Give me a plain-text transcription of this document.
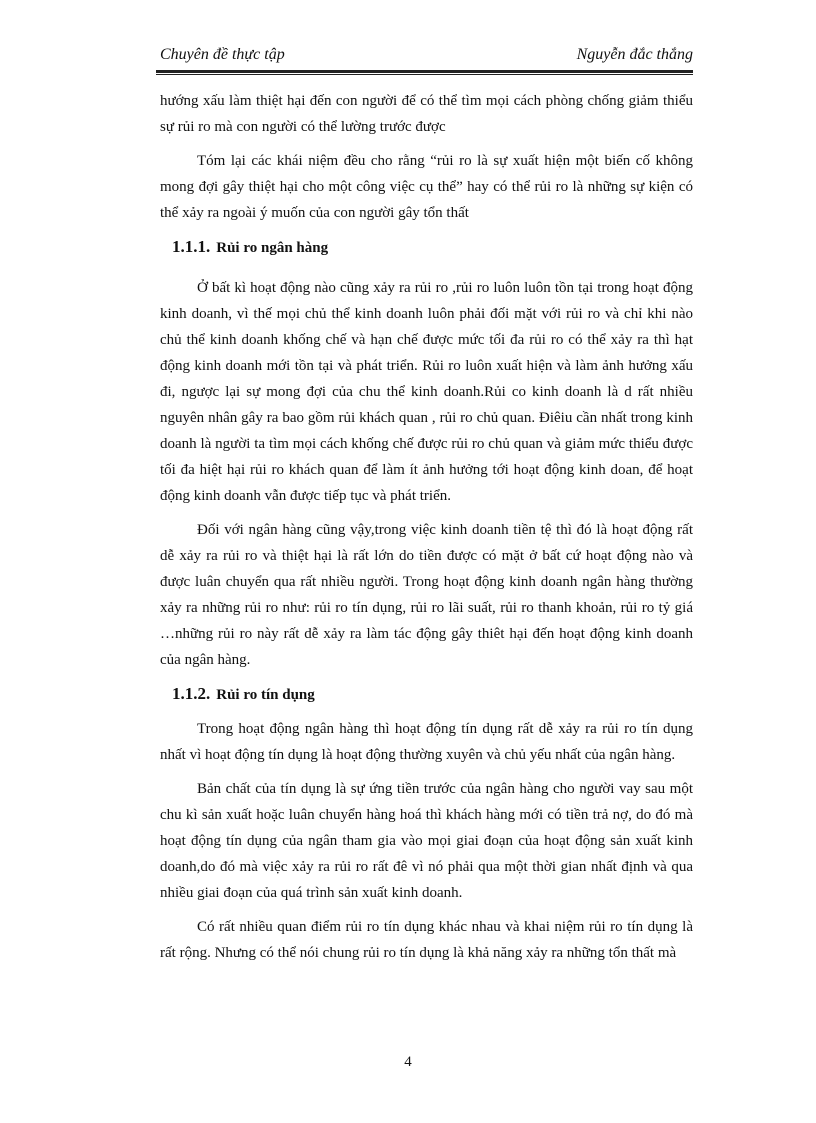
Chuyên đề thực tập	Nguyễn đắc thắng

hướng xấu làm thiệt hại đến con người để có thể tìm mọi cách phòng chống giảm thiểu sự rủi ro mà con người có thể lường trước được

Tóm lại các khái niệm đều cho rằng “rủi ro là sự xuất hiện một biến cố không mong đợi gây thiệt hại cho một công việc cụ thể” hay có thể rủi ro là những sự kiện có thể xảy ra ngoài ý muốn của con người gây tổn thất

1.1.1. Rủi ro ngân hàng

Ở bất kì hoạt động nào cũng xảy ra rủi ro ,rủi ro luôn luôn tồn tại trong hoạt động kinh doanh, vì thế mọi chủ thể kinh doanh luôn phải đối mặt với rủi ro và chỉ khi nào chủ thể kinh doanh khống chế và hạn chế được mức tối đa rủi ro có thể xảy ra thì hạt động kinh doanh mới tồn tại và phát triển. Rủi ro luôn xuất hiện và làm ảnh hưởng xấu đi, ngược lại sự mong đợi của chu thể kinh doanh.Rủi co kinh doanh là d rất nhiều nguyên nhân gây ra bao gồm rủi khách quan , rủi ro chủ quan. Điêiu cần nhất trong kinh doanh là người ta tìm mọi cách khống chế được rủi ro chủ quan và giảm mức thiểu được tối đa hiệt hại rủi ro khách quan để làm ít ảnh hưởng tới hoạt động kinh doan, để hoạt động kinh doanh vẫn được tiếp tục và phát triển.

Đối với ngân hàng cũng vậy,trong việc kinh doanh tiền tệ thì đó là hoạt động rất dễ xảy ra rủi ro và thiệt hại là rất lớn do tiền được có mặt ở bất cứ hoạt động nào và được luân chuyển qua rất nhiều người. Trong hoạt động kinh doanh ngân hàng thường xảy ra những rủi ro như: rủi ro tín dụng, rủi ro lãi suất, rủi ro thanh khoản, rủi ro tỷ giá …những rủi ro này rất dễ xảy ra làm tác động gây thiêt hại đến hoạt động kinh doanh của ngân hàng.

1.1.2. Rủi ro tín dụng

Trong hoạt động ngân hàng thì hoạt động tín dụng rất dễ xảy ra rủi ro tín dụng nhất vì hoạt động tín dụng là hoạt động thường xuyên và chủ yếu nhất của ngân hàng.

Bản chất của tín dụng là sự ứng tiền trước của ngân hàng cho người vay sau một chu kì sản xuất hoặc luân chuyển hàng hoá thì khách hàng mới có tiền trả nợ, do đó mà hoạt động tín dụng của ngân tham gia vào mọi giai đoạn của hoạt động sản xuất kinh doanh,do đó mà việc xảy ra rủi ro rất đê vì nó phải qua một thời gian nhất định và qua nhiều giai đoạn của quá trình sản xuất kinh doanh.

Có rất nhiều quan điểm rủi ro tín dụng khác nhau và khai niệm rủi ro tín dụng là rất rộng. Nhưng có thể nói chung rủi ro tín dụng là khả năng xảy ra những tổn thất mà

4
